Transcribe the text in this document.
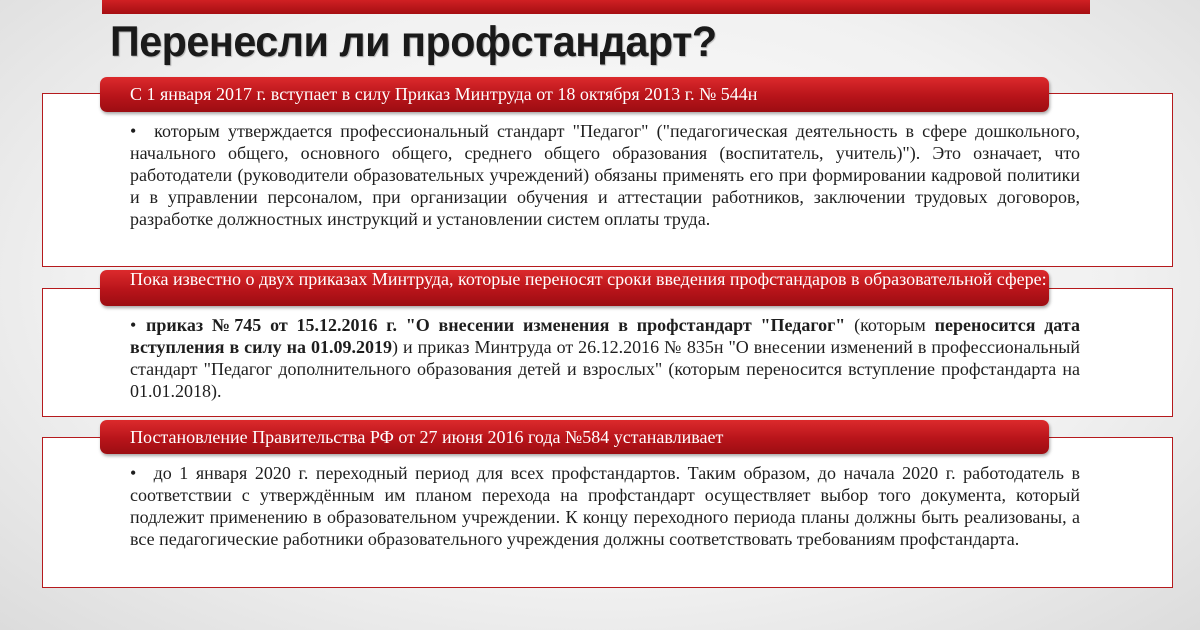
Перенесли ли профстандарт?
С 1 января 2017 г. вступает в силу Приказ Минтруда от 18 октября 2013 г. № 544н

• которым утверждается профессиональный стандарт "Педагог" ("педагогическая деятельность в сфере дошкольного, начального общего, основного общего, среднего общего образования (воспитатель, учитель)"). Это означает, что работодатели (руководители образовательных учреждений) обязаны применять его при формировании кадровой политики и в управлении персоналом, при организации обучения и аттестации работников, заключении трудовых договоров, разработке должностных инструкций и установлении систем оплаты труда.

Пока известно о двух приказах Минтруда, которые переносят сроки введения профстандаров в образовательной сфере:

• приказ №745 от 15.12.2016 г. "О внесении изменения в профстандарт "Педагог" (которым переносится дата вступления в силу на 01.09.2019) и приказ Минтруда от 26.12.2016 № 835н "О внесении изменений в профессиональный стандарт "Педагог дополнительного образования детей и взрослых" (которым переносится вступление профстандарта на 01.01.2018).

Постановление Правительства РФ от 27 июня 2016 года №584 устанавливает

• до 1 января 2020 г. переходный период для всех профстандартов. Таким образом, до начала 2020 г. работодатель в соответствии с утверждённым им планом перехода на профстандарт осуществляет выбор того документа, который подлежит применению в образовательном учреждении. К концу переходного периода планы должны быть реализованы, а все педагогические работники образовательного учреждения должны соответствовать требованиям профстандарта.
